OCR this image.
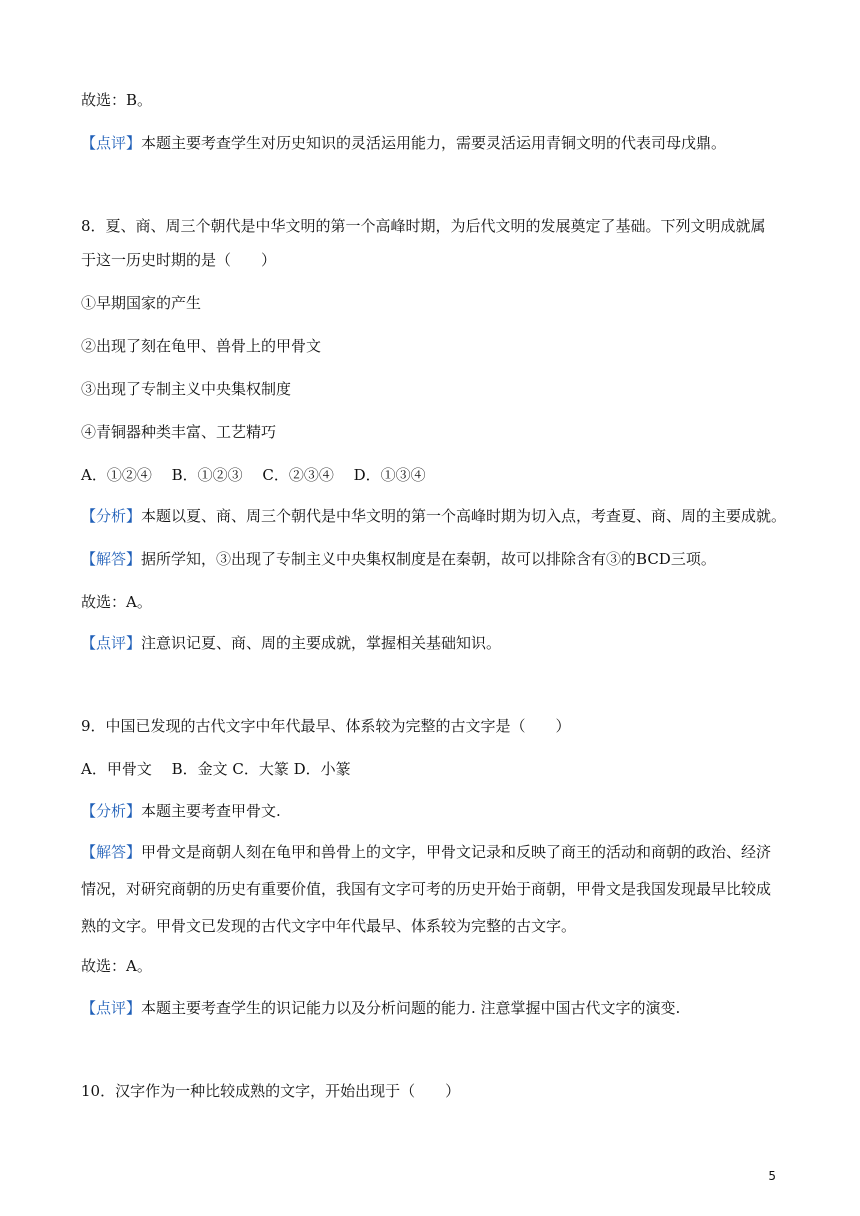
故选：B。
【点评】本题主要考查学生对历史知识的灵活运用能力，需要灵活运用青铜文明的代表司母戊鼎。
8．夏、商、周三个朝代是中华文明的第一个高峰时期，为后代文明的发展奠定了基础。下列文明成就属
于这一历史时期的是（　　）
①早期国家的产生
②出现了刻在龟甲、兽骨上的甲骨文
③出现了专制主义中央集权制度
④青铜器种类丰富、工艺精巧
A．①②④　 B．①②③　 C．②③④　 D．①③④
【分析】本题以夏、商、周三个朝代是中华文明的第一个高峰时期为切入点，考查夏、商、周的主要成就。
【解答】据所学知，③出现了专制主义中央集权制度是在秦朝，故可以排除含有③的BCD三项。
故选：A。
【点评】注意识记夏、商、周的主要成就，掌握相关基础知识。
9．中国已发现的古代文字中年代最早、体系较为完整的古文字是（　　）
A．甲骨文　 B．金文 C．大篆 D．小篆
【分析】本题主要考查甲骨文.
【解答】甲骨文是商朝人刻在龟甲和兽骨上的文字，甲骨文记录和反映了商王的活动和商朝的政治、经济情况，对研究商朝的历史有重要价值，我国有文字可考的历史开始于商朝，甲骨文是我国发现最早比较成熟的文字。甲骨文已发现的古代文字中年代最早、体系较为完整的古文字。
故选：A。
【点评】本题主要考查学生的识记能力以及分析问题的能力. 注意掌握中国古代文字的演变.
10．汉字作为一种比较成熟的文字，开始出现于（　　）
5
